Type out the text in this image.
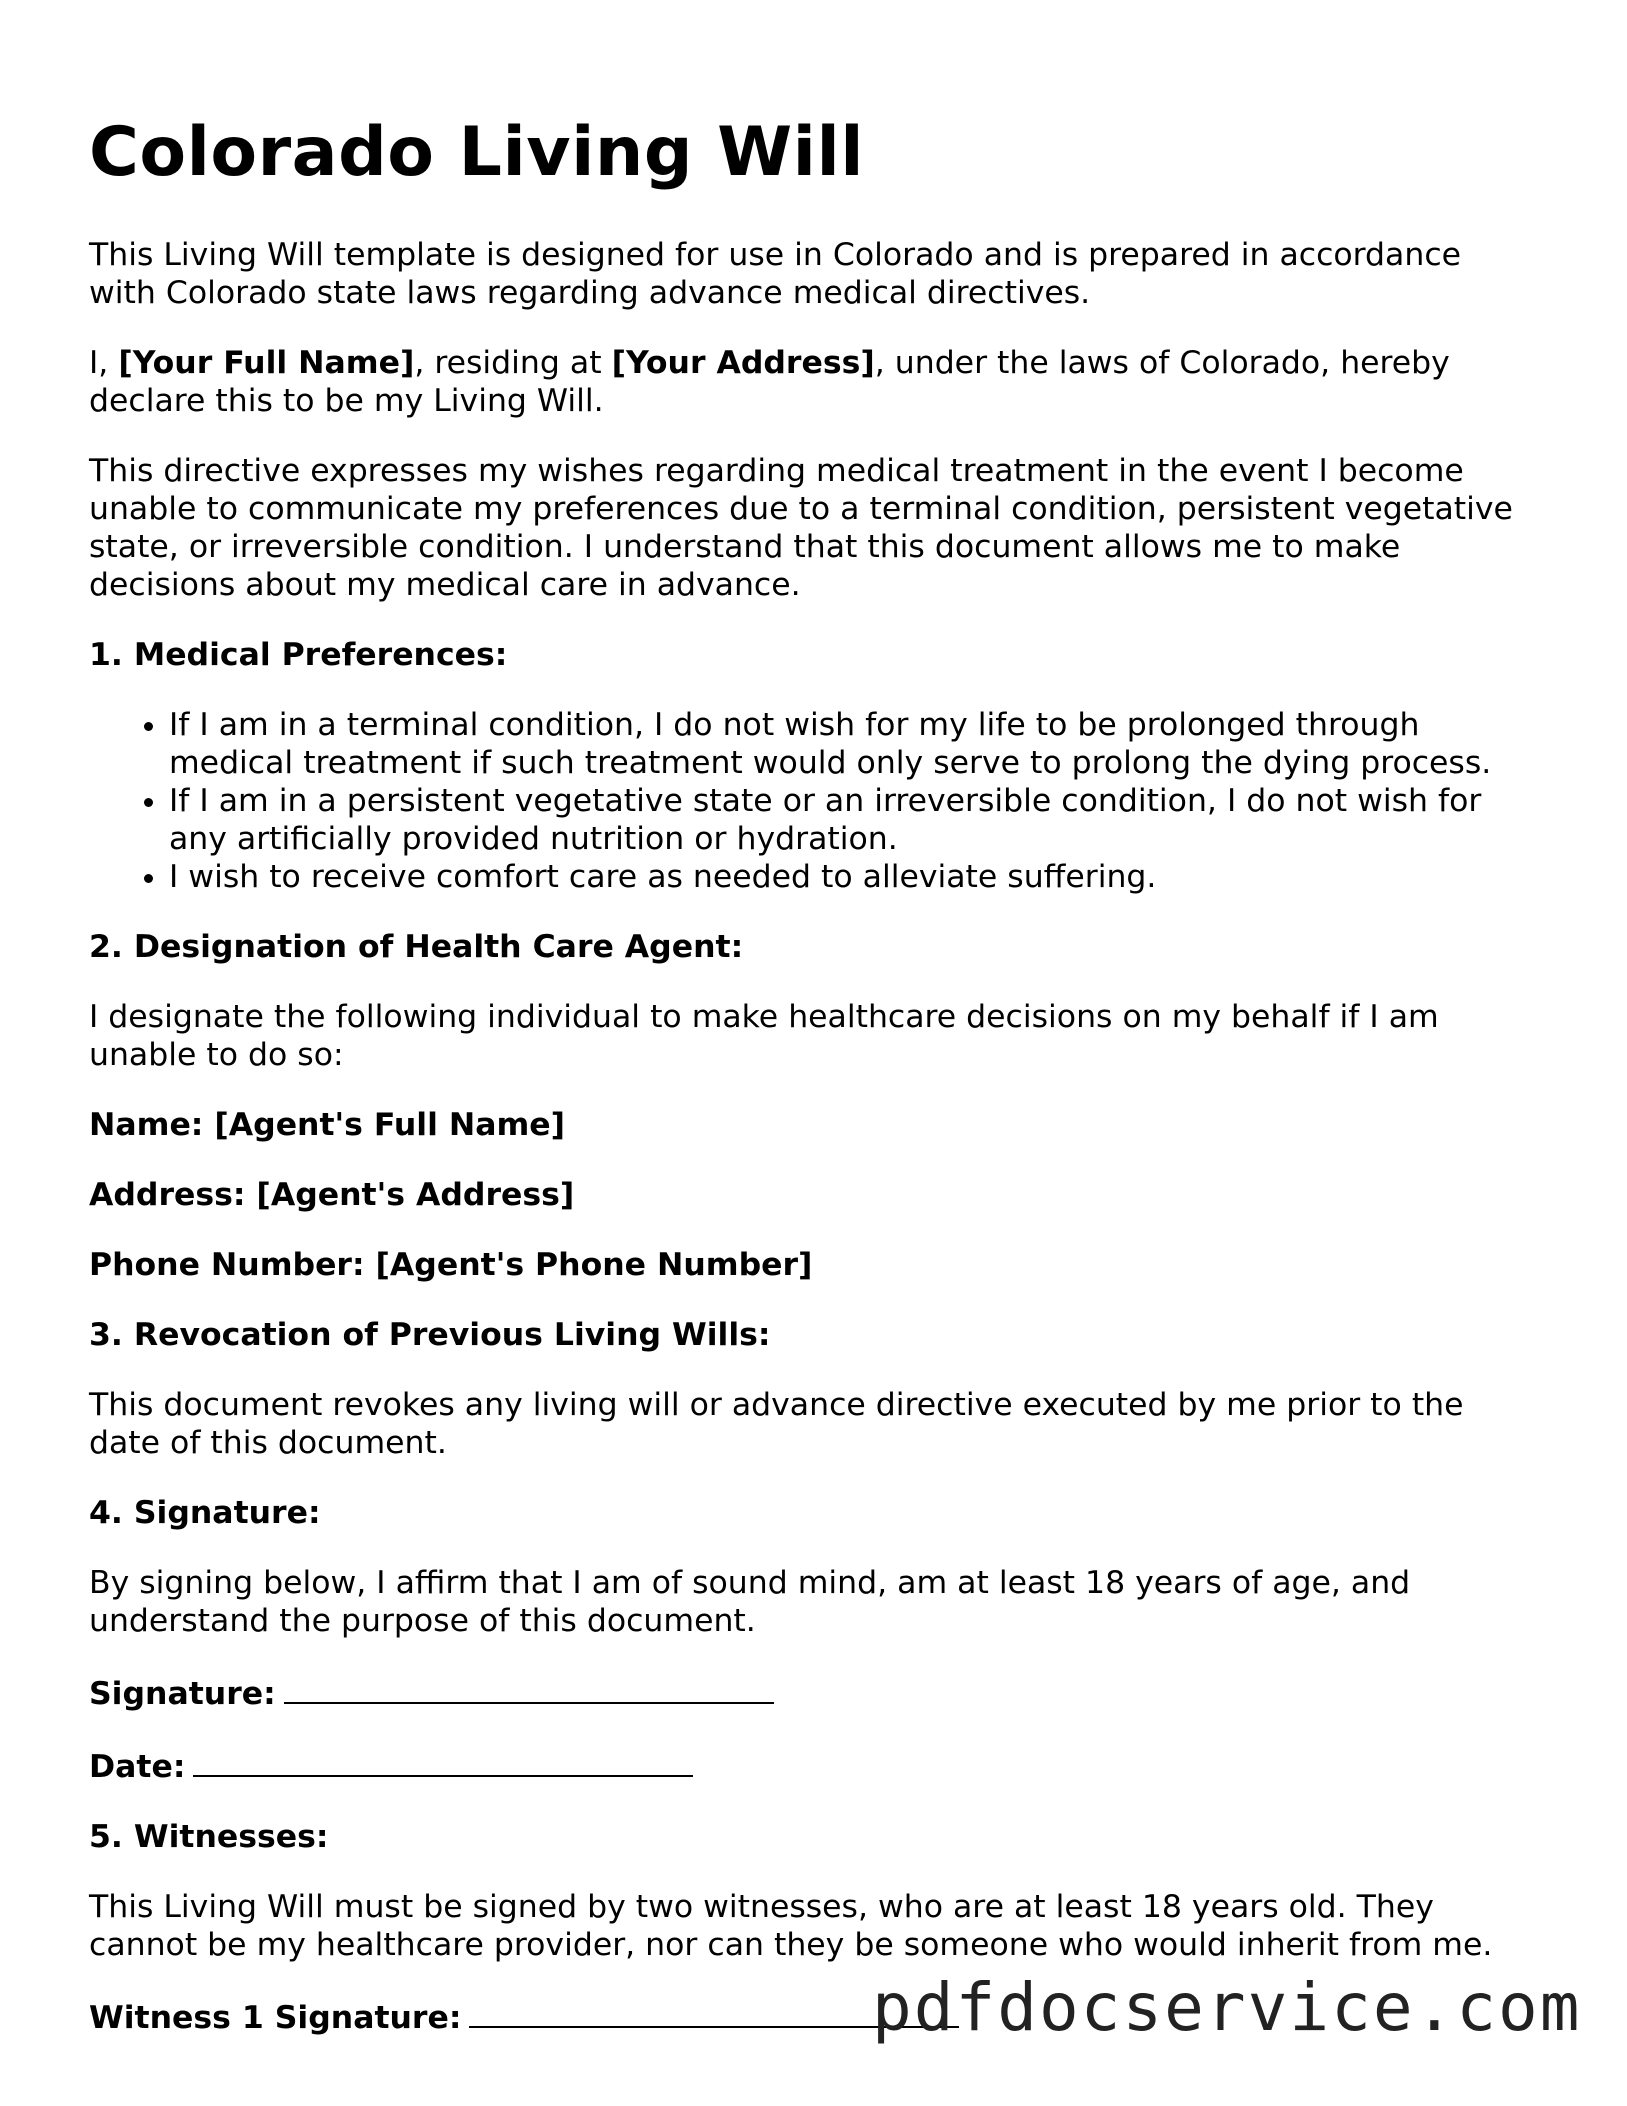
Colorado Living Will

This Living Will template is designed for use in Colorado and is prepared in accordance with Colorado state laws regarding advance medical directives.

I, [Your Full Name], residing at [Your Address], under the laws of Colorado, hereby declare this to be my Living Will.

This directive expresses my wishes regarding medical treatment in the event I become unable to communicate my preferences due to a terminal condition, persistent vegetative state, or irreversible condition. I understand that this document allows me to make decisions about my medical care in advance.

1. Medical Preferences:

• If I am in a terminal condition, I do not wish for my life to be prolonged through medical treatment if such treatment would only serve to prolong the dying process.
• If I am in a persistent vegetative state or an irreversible condition, I do not wish for any artificially provided nutrition or hydration.
• I wish to receive comfort care as needed to alleviate suffering.

2. Designation of Health Care Agent:

I designate the following individual to make healthcare decisions on my behalf if I am unable to do so:

Name: [Agent's Full Name]

Address: [Agent's Address]

Phone Number: [Agent's Phone Number]

3. Revocation of Previous Living Wills:

This document revokes any living will or advance directive executed by me prior to the date of this document.

4. Signature:

By signing below, I affirm that I am of sound mind, am at least 18 years of age, and understand the purpose of this document.

Signature:

Date:

5. Witnesses:

This Living Will must be signed by two witnesses, who are at least 18 years old. They cannot be my healthcare provider, nor can they be someone who would inherit from me.

Witness 1 Signature:	pdfdocservice.com
